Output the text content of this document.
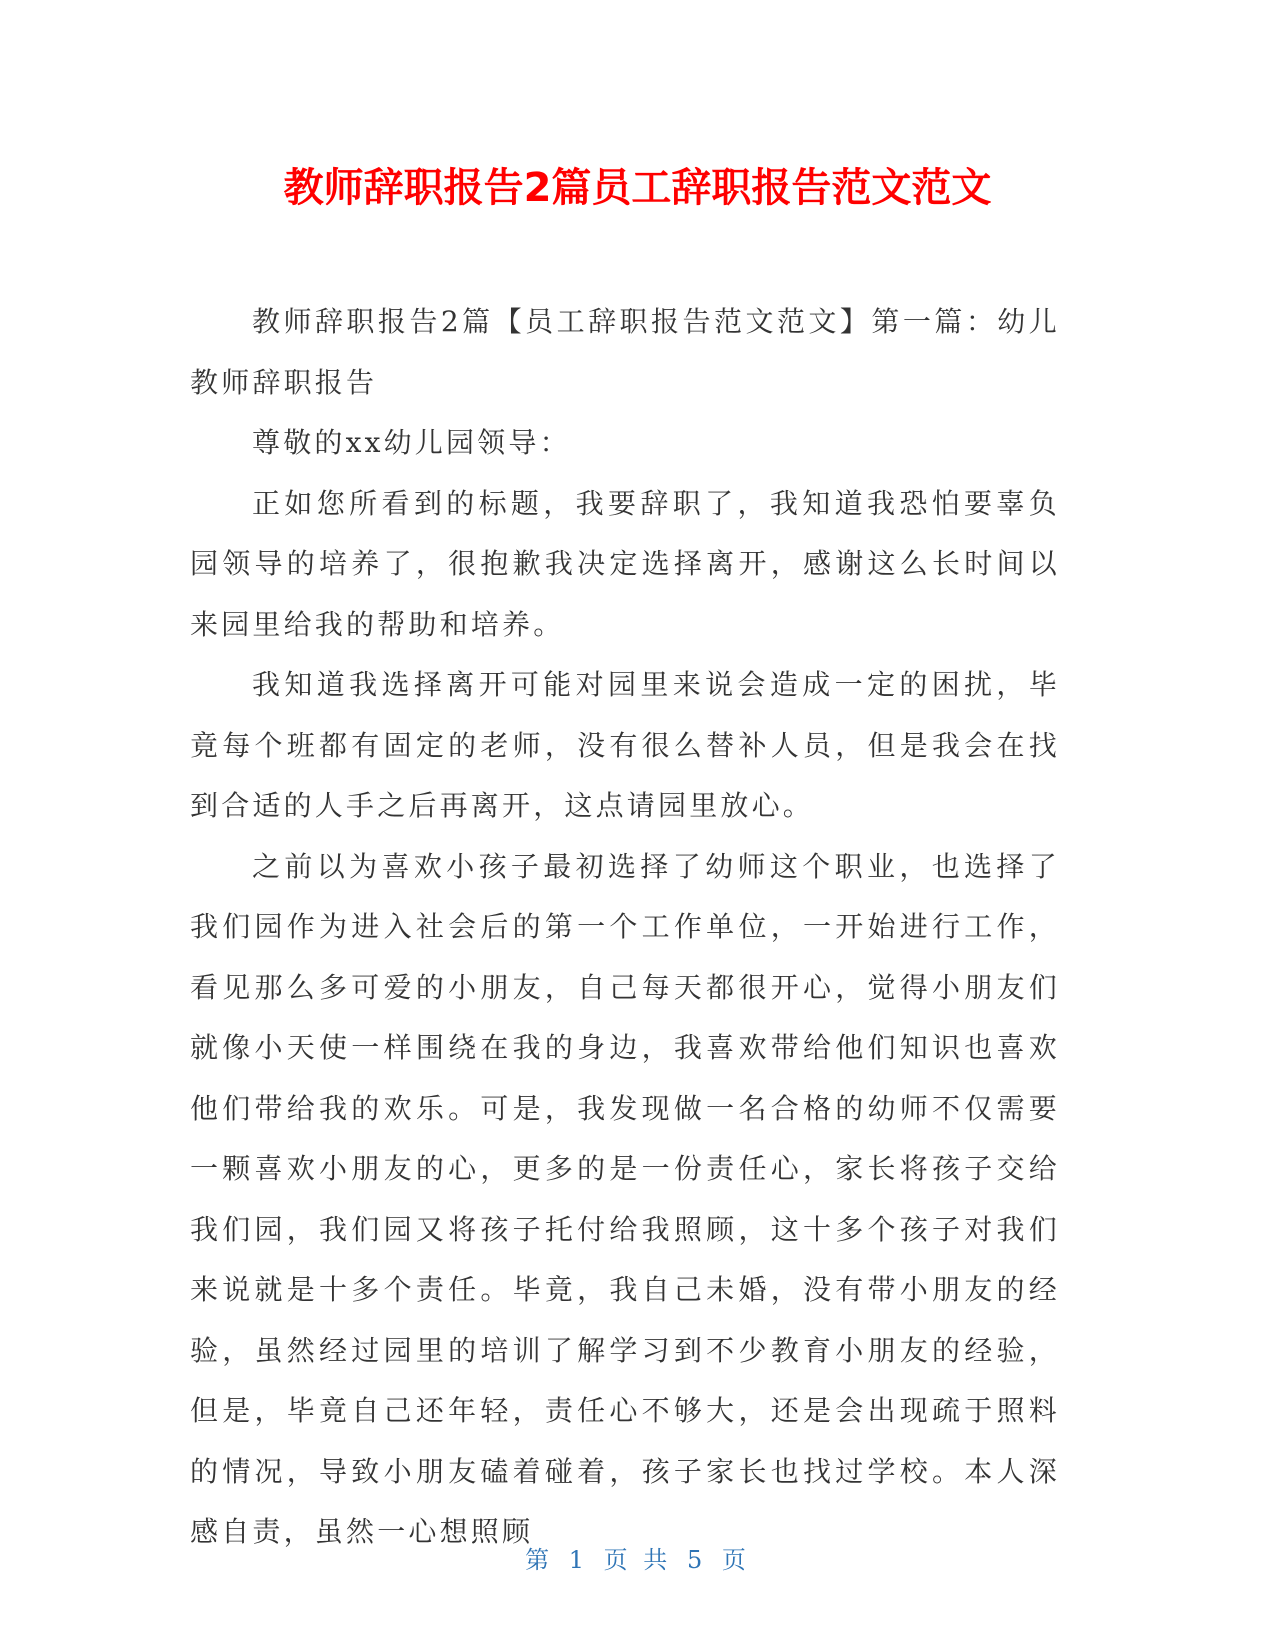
教师辞职报告2篇员工辞职报告范文范文

教师辞职报告2篇【员工辞职报告范文范文】第一篇：幼儿教师辞职报告

尊敬的xx幼儿园领导：

正如您所看到的标题，我要辞职了，我知道我恐怕要辜负园领导的培养了，很抱歉我决定选择离开，感谢这么长时间以来园里给我的帮助和培养。

我知道我选择离开可能对园里来说会造成一定的困扰，毕竟每个班都有固定的老师，没有很么替补人员，但是我会在找到合适的人手之后再离开，这点请园里放心。

之前以为喜欢小孩子最初选择了幼师这个职业，也选择了我们园作为进入社会后的第一个工作单位，一开始进行工作，看见那么多可爱的小朋友，自己每天都很开心，觉得小朋友们就像小天使一样围绕在我的身边，我喜欢带给他们知识也喜欢他们带给我的欢乐。可是，我发现做一名合格的幼师不仅需要一颗喜欢小朋友的心，更多的是一份责任心，家长将孩子交给我们园，我们园又将孩子托付给我照顾，这十多个孩子对我们来说就是十多个责任。毕竟，我自己未婚，没有带小朋友的经验，虽然经过园里的培训了解学习到不少教育小朋友的经验，但是，毕竟自己还年轻，责任心不够大，还是会出现疏于照料的情况，导致小朋友磕着碰着，孩子家长也找过学校。本人深感自责，虽然一心想照顾

第 1 页 共 5 页
